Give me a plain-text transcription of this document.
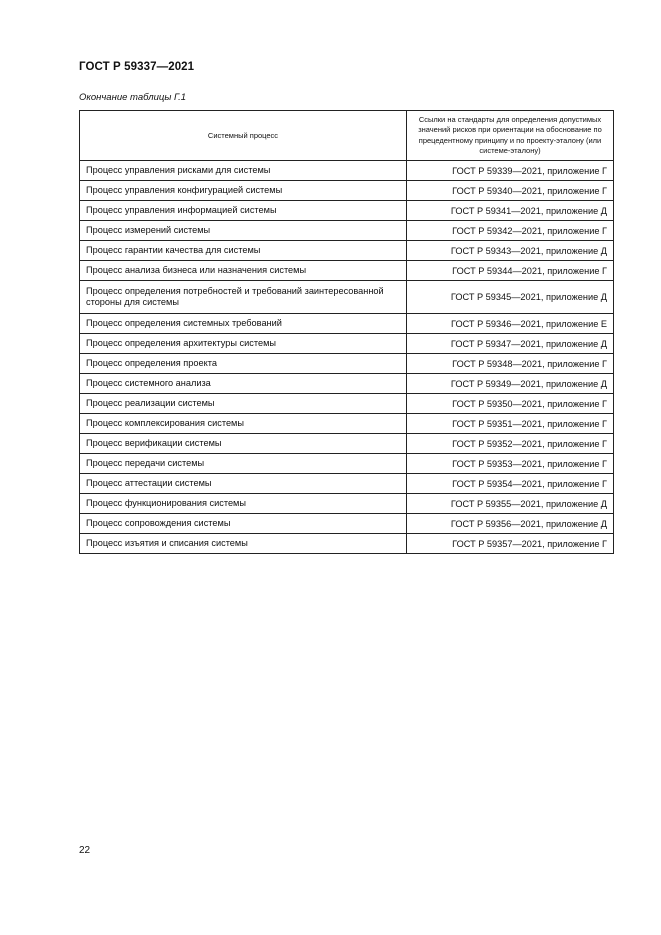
ГОСТ Р 59337—2021
Окончание таблицы Г.1
Системный процесс	Ссылки на стандарты для определения допустимых значений рисков при ориентации на обоснование по прецедентному принципу и по проекту-эталону (или системе-эталону)
Процесс управления рисками для системы	ГОСТ Р 59339—2021, приложение Г
Процесс управления конфигурацией системы	ГОСТ Р 59340—2021, приложение Г
Процесс управления информацией системы	ГОСТ Р 59341—2021, приложение Д
Процесс измерений системы	ГОСТ Р 59342—2021, приложение Г
Процесс гарантии качества для системы	ГОСТ Р 59343—2021, приложение Д
Процесс анализа бизнеса или назначения системы	ГОСТ Р 59344—2021, приложение Г
Процесс определения потребностей и требований заинтересованной стороны для системы	ГОСТ Р 59345—2021, приложение Д
Процесс определения системных требований	ГОСТ Р 59346—2021, приложение Е
Процесс определения архитектуры системы	ГОСТ Р 59347—2021, приложение Д
Процесс определения проекта	ГОСТ Р 59348—2021, приложение Г
Процесс системного анализа	ГОСТ Р 59349—2021, приложение Д
Процесс реализации системы	ГОСТ Р 59350—2021, приложение Г
Процесс комплексирования системы	ГОСТ Р 59351—2021, приложение Г
Процесс верификации системы	ГОСТ Р 59352—2021, приложение Г
Процесс передачи системы	ГОСТ Р 59353—2021, приложение Г
Процесс аттестации системы	ГОСТ Р 59354—2021, приложение Г
Процесс функционирования системы	ГОСТ Р 59355—2021, приложение Д
Процесс сопровождения системы	ГОСТ Р 59356—2021, приложение Д
Процесс изъятия и списания системы	ГОСТ Р 59357—2021, приложение Г
22
